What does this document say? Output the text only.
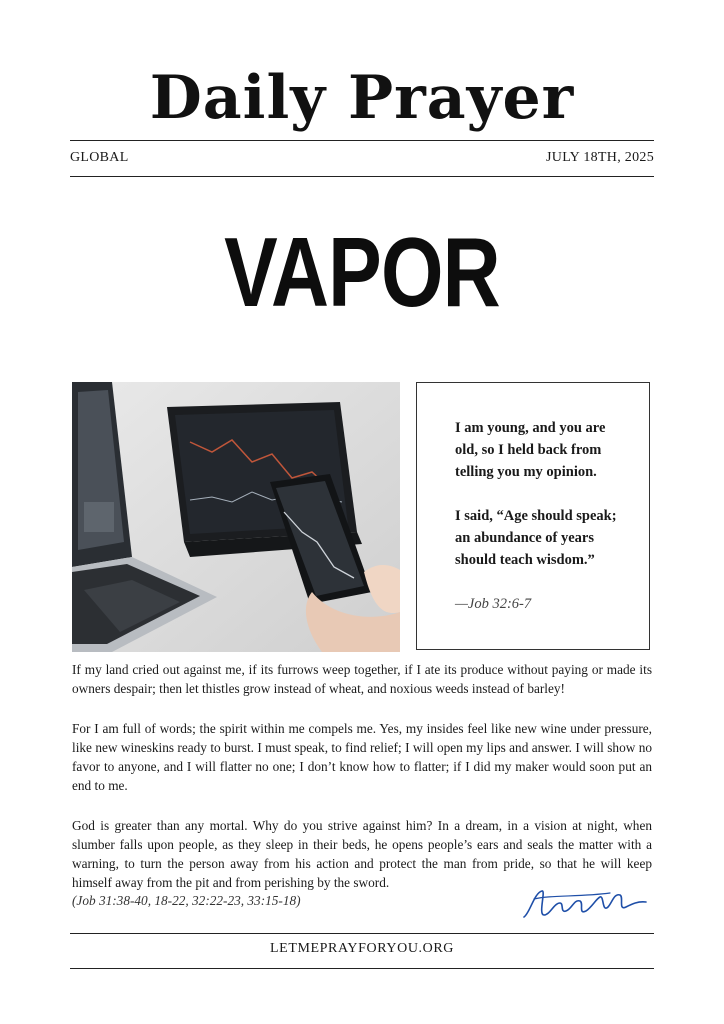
Daily Prayer
GLOBAL	JULY 18TH, 2025
VAPOR

I am young, and you are old, so I held back from telling you my opinion.

I said, “Age should speak; an abundance of years should teach wisdom.”

—Job 32:6-7

If my land cried out against me, if its furrows weep together, if I ate its produce without paying or made its owners despair; then let thistles grow instead of wheat, and noxious weeds instead of barley!

For I am full of words; the spirit within me compels me. Yes, my insides feel like new wine under pressure, like new wineskins ready to burst. I must speak, to find relief; I will open my lips and answer. I will show no favor to anyone, and I will flatter no one; I don’t know how to flatter; if I did my maker would soon put an end to me.

God is greater than any mortal. Why do you strive against him? In a dream, in a vision at night, when slumber falls upon people, as they sleep in their beds, he opens people’s ears and seals the matter with a warning, to turn the person away from his action and protect the man from pride, so that he will keep himself away from the pit and from perishing by the sword.

(Job 31:38-40, 18-22, 32:22-23, 33:15-18)
LETMEPRAYFORYOU.ORG
